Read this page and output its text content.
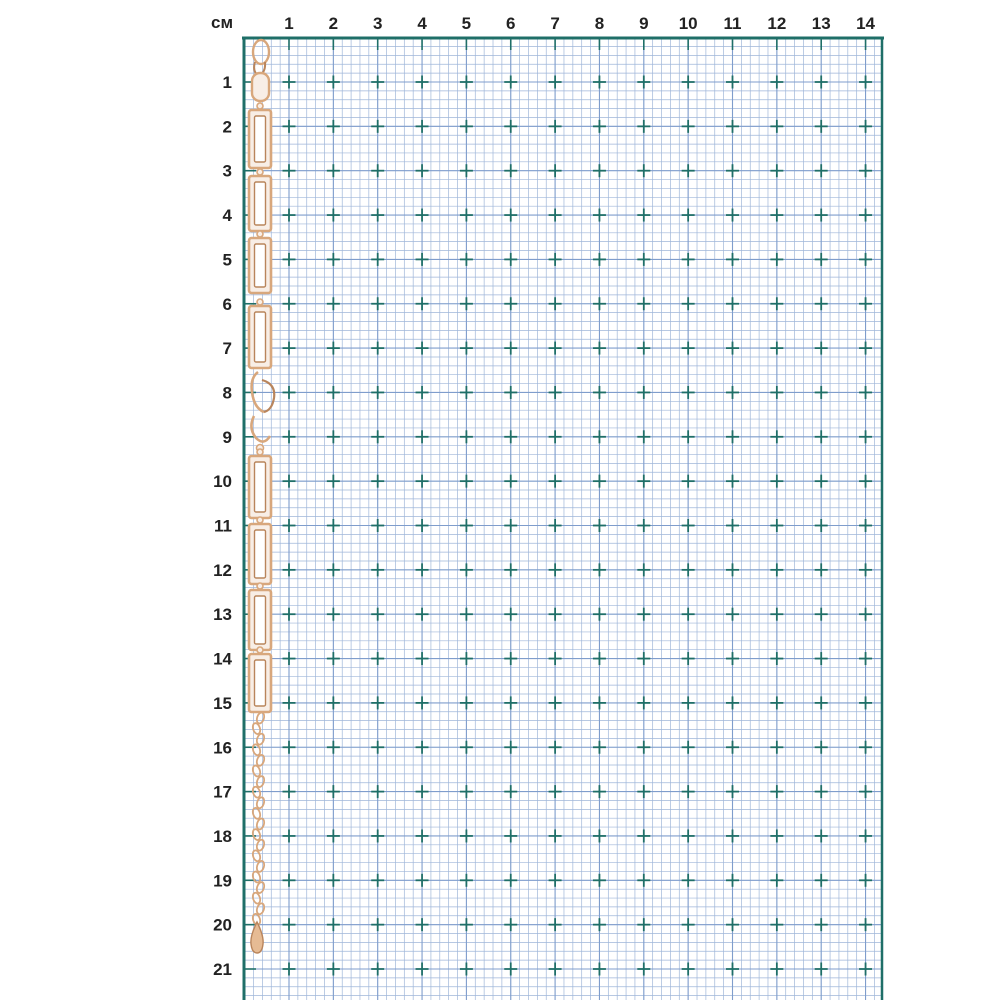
см	1 2 3 4 5 6 7 8 9 10 11 12 13 14
1
2
3
4
5
6
7
8
9
10
11
12
13
14
15
16
17
18
19
20
21
